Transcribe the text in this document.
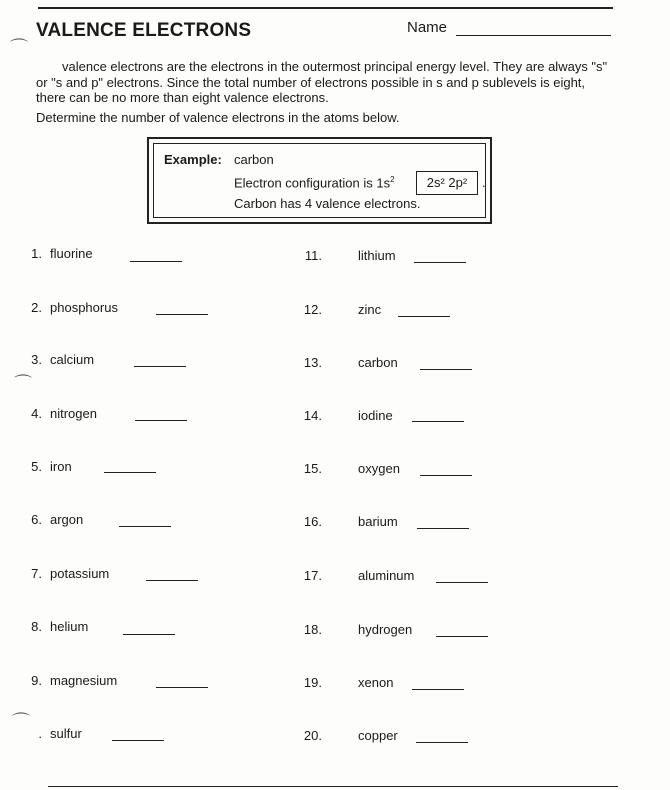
VALENCE ELECTRONS	Name
⌒

valence electrons are the electrons in the outermost principal energy level. They are always "s" or "s and p" electrons. Since the total number of electrons possible in s and p sublevels is eight, there can be no more than eight valence electrons.

Determine the number of valence electrons in the atoms below.
Example: carbon
Electron configuration is $1s^2$	2s² 2p²	.
Carbon has 4 valence electrons.
1. fluorine
2. phosphorus
3. calcium
⌒
4. nitrogen
5. iron
6. argon
7. potassium
8. helium
9. magnesium
⌒
. sulfur
11.	lithium
12.	zinc
13.	carbon
14.	iodine
15.	oxygen
16.	barium
17.	aluminum
18.	hydrogen
19.	xenon
20.	copper
